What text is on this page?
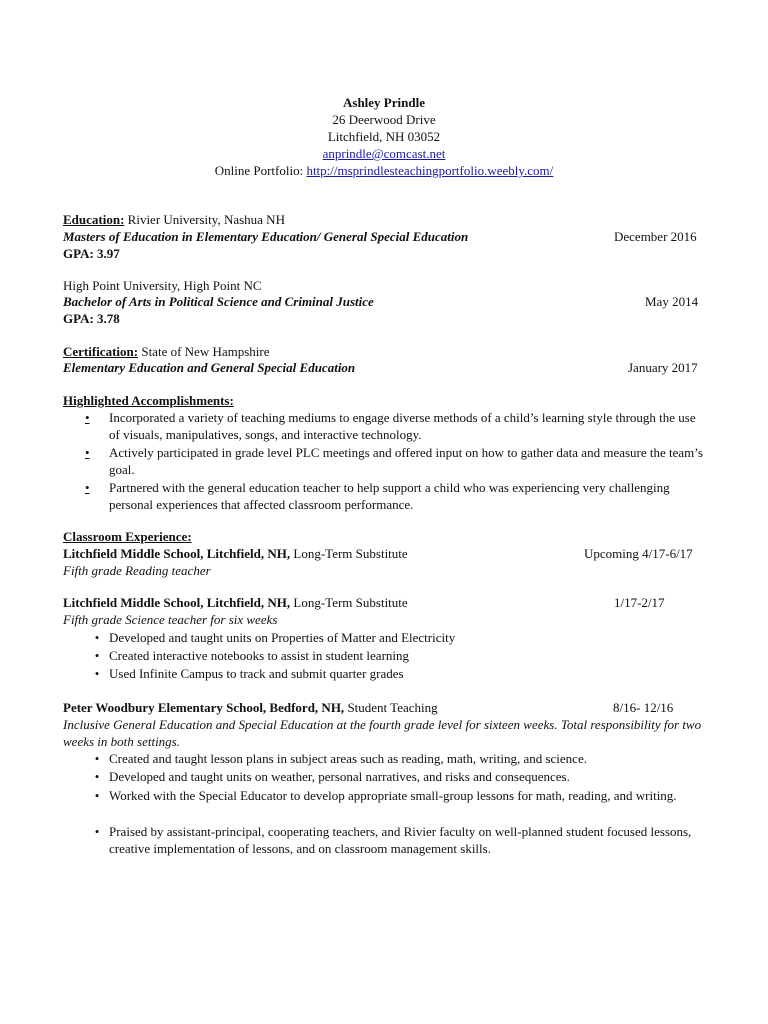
Ashley Prindle
26 Deerwood Drive
Litchfield, NH 03052
anprindle@comcast.net
Online Portfolio: http://msprindlesteachingportfolio.weebly.com/
Education: Rivier University, Nashua NH
Masters of Education in Elementary Education/ General Special Education	December 2016
GPA: 3.97
High Point University, High Point NC
Bachelor of Arts in Political Science and Criminal Justice	May 2014
GPA: 3.78
Certification: State of New Hampshire
Elementary Education and General Special Education	January 2017
Highlighted Accomplishments:
•	Incorporated a variety of teaching mediums to engage diverse methods of a child’s learning style through the use of visuals, manipulatives, songs, and interactive technology.
•	Actively participated in grade level PLC meetings and offered input on how to gather data and measure the team’s goal.
•	Partnered with the general education teacher to help support a child who was experiencing very challenging personal experiences that affected classroom performance.
Classroom Experience:
Litchfield Middle School, Litchfield, NH, Long-Term Substitute	Upcoming 4/17-6/17
Fifth grade Reading teacher
Litchfield Middle School, Litchfield, NH, Long-Term Substitute	1/17-2/17
Fifth grade Science teacher for six weeks
• Developed and taught units on Properties of Matter and Electricity
• Created interactive notebooks to assist in student learning
• Used Infinite Campus to track and submit quarter grades
Peter Woodbury Elementary School, Bedford, NH, Student Teaching	8/16- 12/16
Inclusive General Education and Special Education at the fourth grade level for sixteen weeks. Total responsibility for two weeks in both settings.
• Created and taught lesson plans in subject areas such as reading, math, writing, and science.
• Developed and taught units on weather, personal narratives, and risks and consequences.
• Worked with the Special Educator to develop appropriate small-group lessons for math, reading, and writing.
• Praised by assistant-principal, cooperating teachers, and Rivier faculty on well-planned student focused lessons, creative implementation of lessons, and on classroom management skills.
